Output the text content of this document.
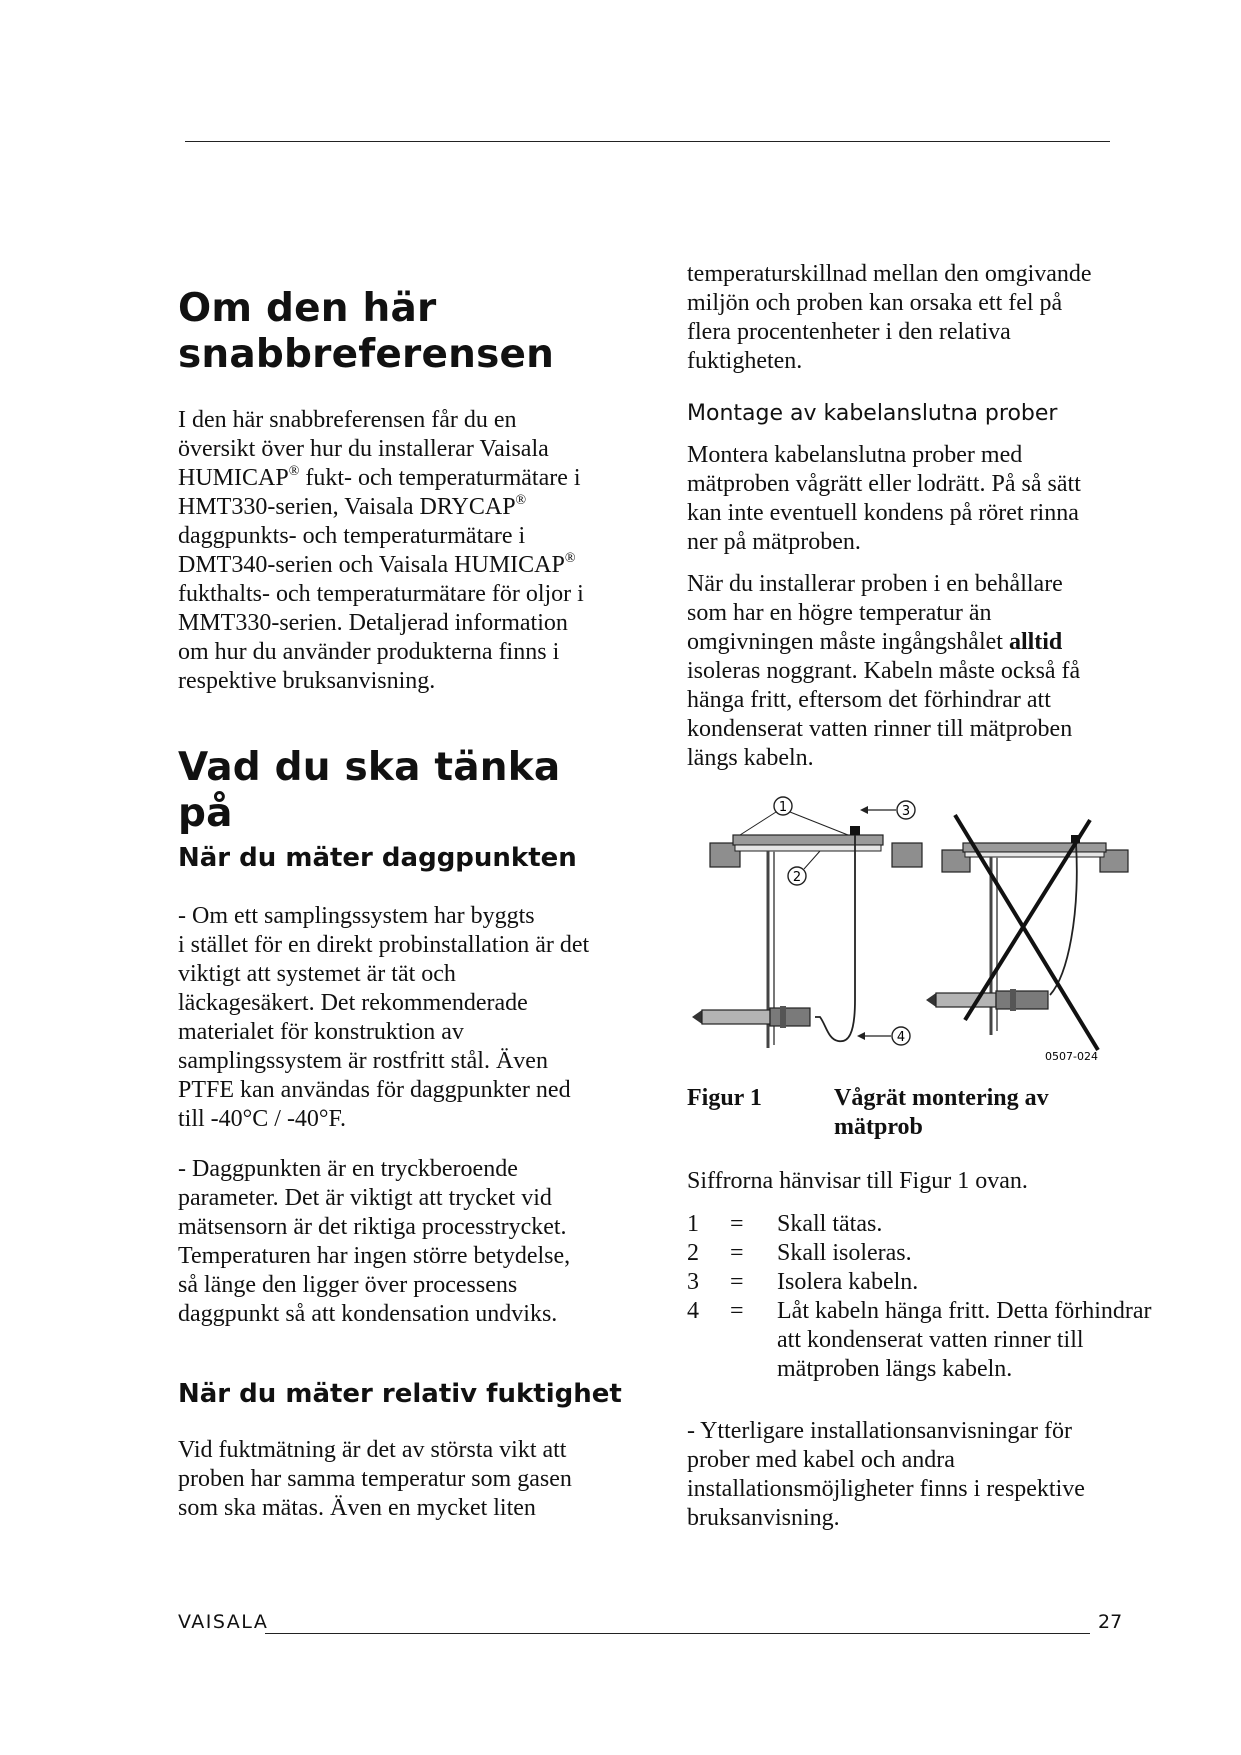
Om den här
snabbreferensen

I den här snabbreferensen får du en
översikt över hur du installerar Vaisala
HUMICAP® fukt- och temperaturmätare i
HMT330-serien, Vaisala DRYCAP®
daggpunkts- och temperaturmätare i
DMT340-serien och Vaisala HUMICAP®
fukthalts- och temperaturmätare för oljor i
MMT330-serien. Detaljerad information
om hur du använder produkterna finns i
respektive bruksanvisning.

Vad du ska tänka på
När du mäter daggpunkten

- Om ett samplingssystem har byggts
i stället för en direkt probinstallation är det
viktigt att systemet är tät och
läckagesäkert. Det rekommenderade
materialet för konstruktion av
samplingssystem är rostfritt stål. Även
PTFE kan användas för daggpunkter ned
till -40°C / -40°F.

- Daggpunkten är en tryckberoende
parameter. Det är viktigt att trycket vid
mätsensorn är det riktiga processtrycket.
Temperaturen har ingen större betydelse,
så länge den ligger över processens
daggpunkt så att kondensation undviks.

När du mäter relativ fuktighet

Vid fuktmätning är det av största vikt att
proben har samma temperatur som gasen
som ska mätas. Även en mycket liten

temperaturskillnad mellan den omgivande
miljön och proben kan orsaka ett fel på
flera procentenheter i den relativa
fuktigheten.

Montage av kabelanslutna prober

Montera kabelanslutna prober med
mätproben vågrätt eller lodrätt. På så sätt
kan inte eventuell kondens på röret rinna
ner på mätproben.

När du installerar proben i en behållare
som har en högre temperatur än
omgivningen måste ingångshålet alltid
isoleras noggrant. Kabeln måste också få
hänga fritt, eftersom det förhindrar att
kondenserat vatten rinner till mätproben
längs kabeln.

1
2
3
4
0507-024
Figur 1	Vågrät montering av
mätprob
Siffrorna hänvisar till Figur 1 ovan.
1 = Skall tätas.
2 = Skall isoleras.
3 = Isolera kabeln.
4 = Låt kabeln hänga fritt. Detta förhindrar
att kondenserat vatten rinner till
mätproben längs kabeln.

- Ytterligare installationsanvisningar för
prober med kabel och andra
installationsmöjligheter finns i respektive
bruksanvisning.

VAISALA	27
